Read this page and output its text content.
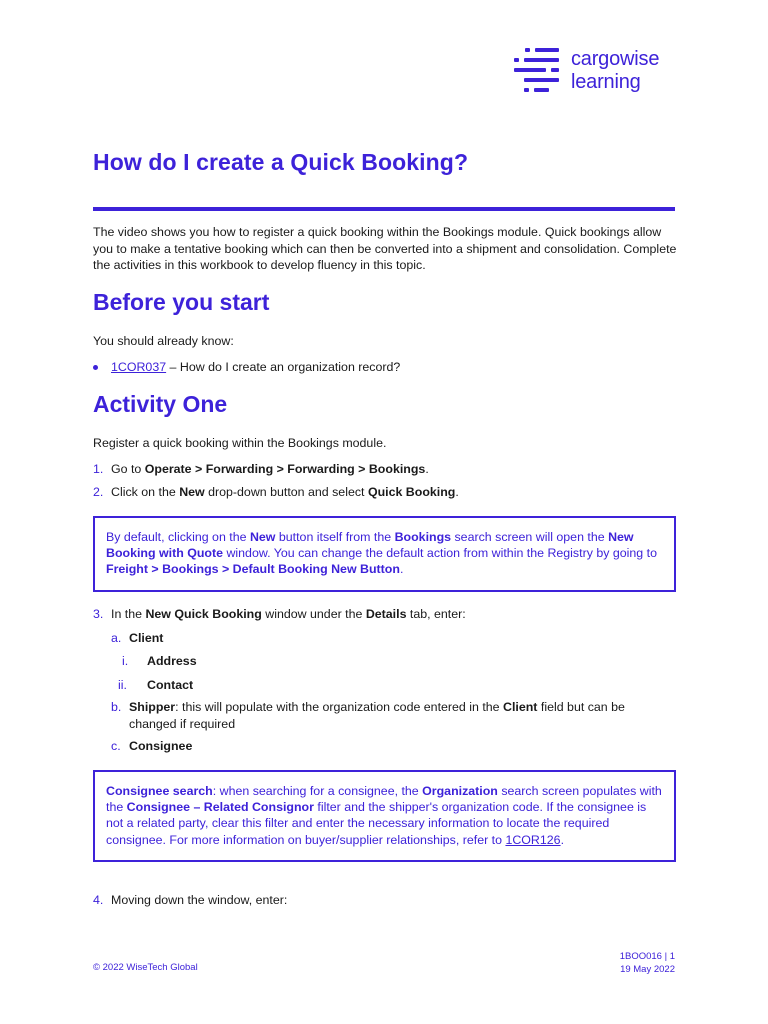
cargowise
learning
How do I create a Quick Booking?

The video shows you how to register a quick booking within the Bookings module. Quick bookings allow you to make a tentative booking which can then be converted into a shipment and consolidation. Complete the activities in this workbook to develop fluency in this topic.

Before you start

You should already know:

1COR037 – How do I create an organization record?
Activity One

Register a quick booking within the Bookings module.

1. Go to Operate > Forwarding > Forwarding > Bookings.
2. Click on the New drop-down button and select Quick Booking.
By default, clicking on the New button itself from the Bookings search screen will open the New Booking with Quote window. You can change the default action from within the Registry by going to Freight > Bookings > Default Booking New Button.
3. In the New Quick Booking window under the Details tab, enter:
a. Client
i. Address
ii. Contact
b. Shipper: this will populate with the organization code entered in the Client field but can be changed if required
c. Consignee
Consignee search: when searching for a consignee, the Organization search screen populates with the Consignee – Related Consignor filter and the shipper's organization code. If the consignee is not a related party, clear this filter and enter the necessary information to locate the required consignee. For more information on buyer/supplier relationships, refer to 1COR126.
4. Moving down the window, enter:
© 2022 WiseTech Global
1BOO016 | 1
19 May 2022
